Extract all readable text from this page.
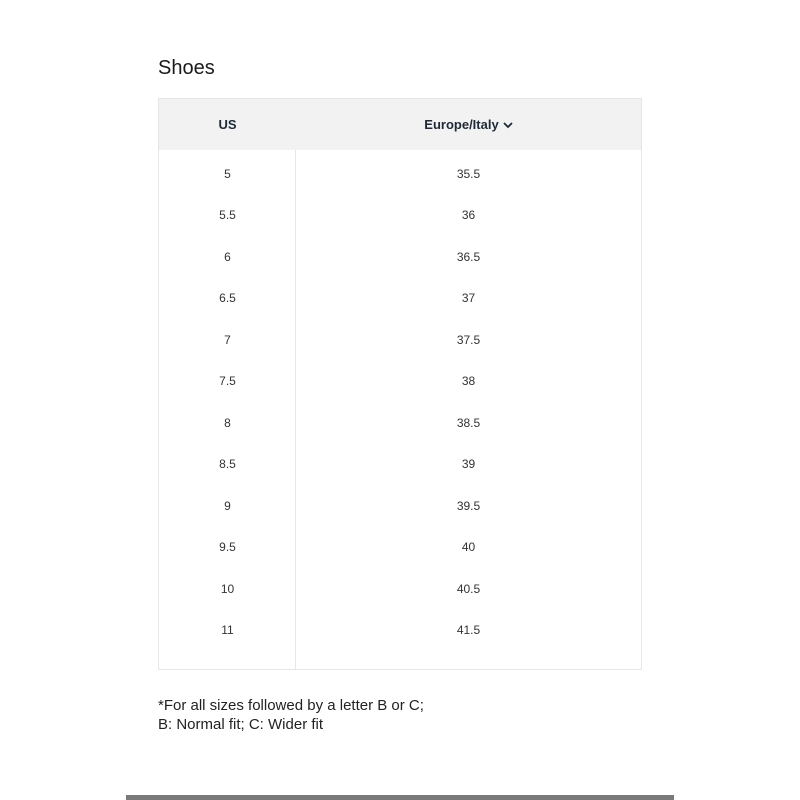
Shoes
US	Europe/Italy
5	35.5
5.5	36
6	36.5
6.5	37
7	37.5
7.5	38
8	38.5
8.5	39
9	39.5
9.5	40
10	40.5
11	41.5
*For all sizes followed by a letter B or C;
B: Normal fit; C: Wider fit
